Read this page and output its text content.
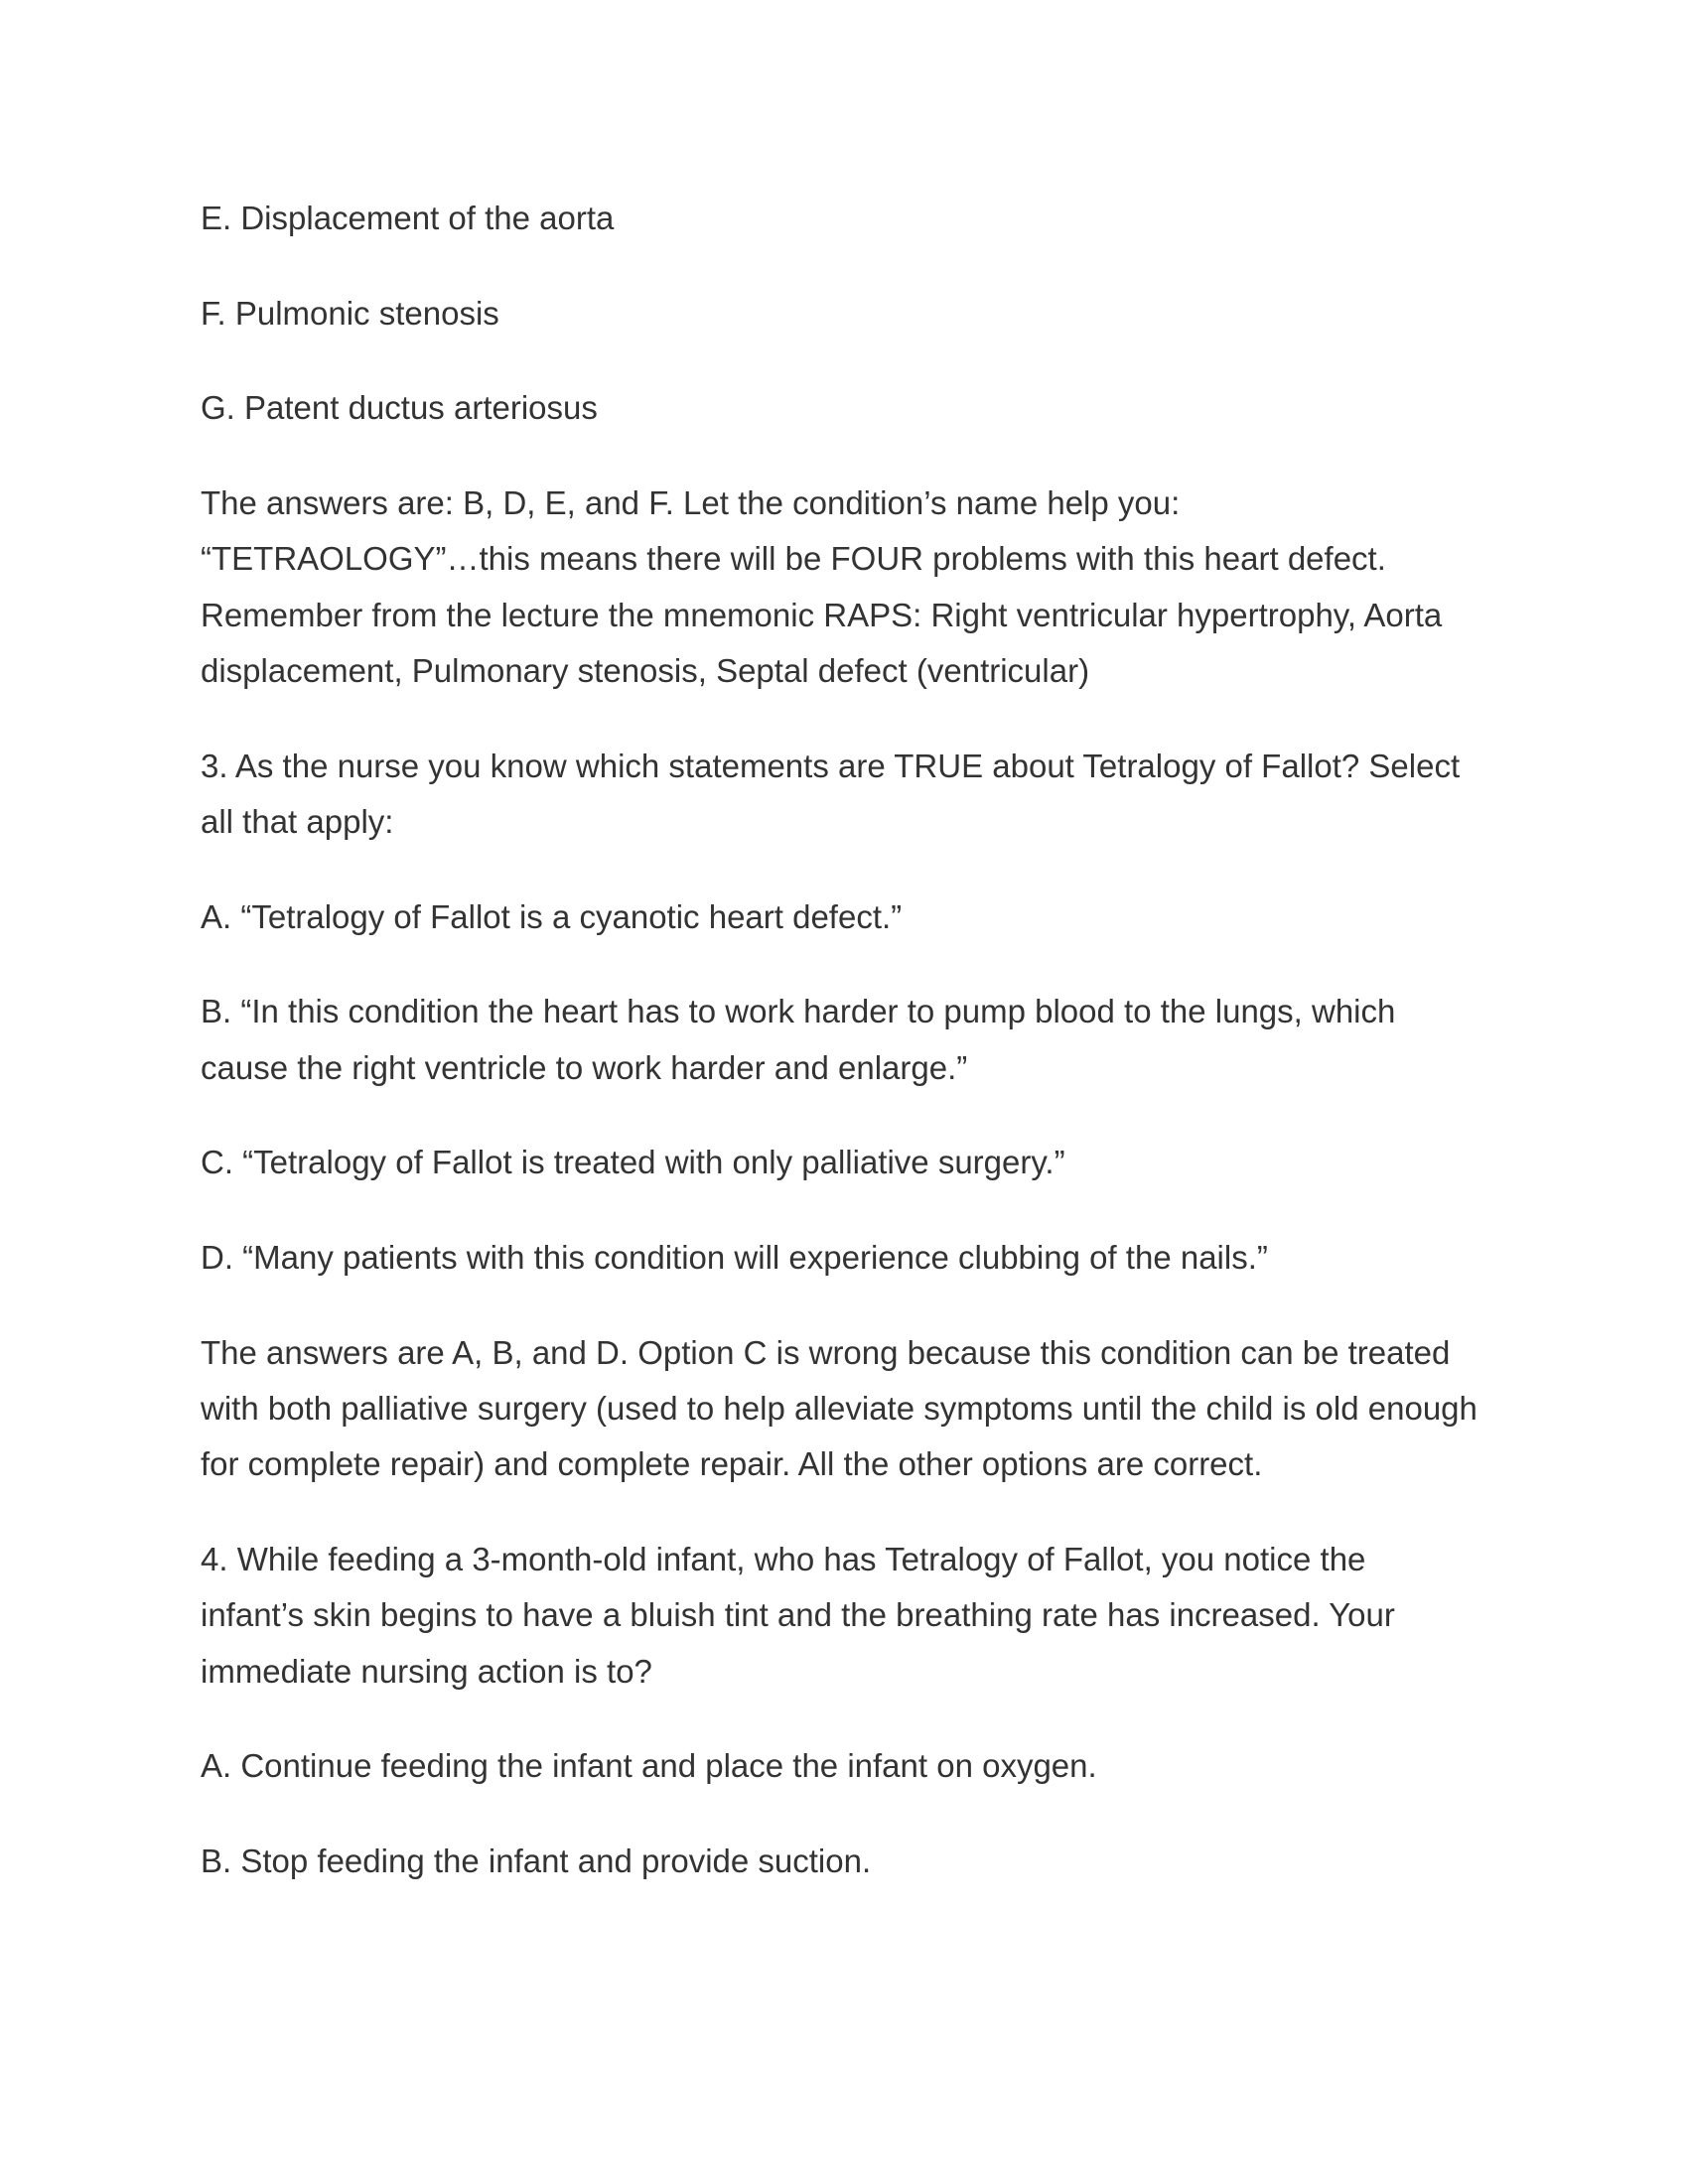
E. Displacement of the aorta

F. Pulmonic stenosis

G. Patent ductus arteriosus

The answers are: B, D, E, and F. Let the condition’s name help you:
“TETRAOLOGY”…this means there will be FOUR problems with this heart defect.
Remember from the lecture the mnemonic RAPS: Right ventricular hypertrophy, Aorta
displacement, Pulmonary stenosis, Septal defect (ventricular)

3. As the nurse you know which statements are TRUE about Tetralogy of Fallot? Select
all that apply:

A. “Tetralogy of Fallot is a cyanotic heart defect.”

B. “In this condition the heart has to work harder to pump blood to the lungs, which
cause the right ventricle to work harder and enlarge.”

C. “Tetralogy of Fallot is treated with only palliative surgery.”

D. “Many patients with this condition will experience clubbing of the nails.”

The answers are A, B, and D. Option C is wrong because this condition can be treated
with both palliative surgery (used to help alleviate symptoms until the child is old enough
for complete repair) and complete repair. All the other options are correct.

4. While feeding a 3-month-old infant, who has Tetralogy of Fallot, you notice the
infant’s skin begins to have a bluish tint and the breathing rate has increased. Your
immediate nursing action is to?

A. Continue feeding the infant and place the infant on oxygen.

B. Stop feeding the infant and provide suction.
